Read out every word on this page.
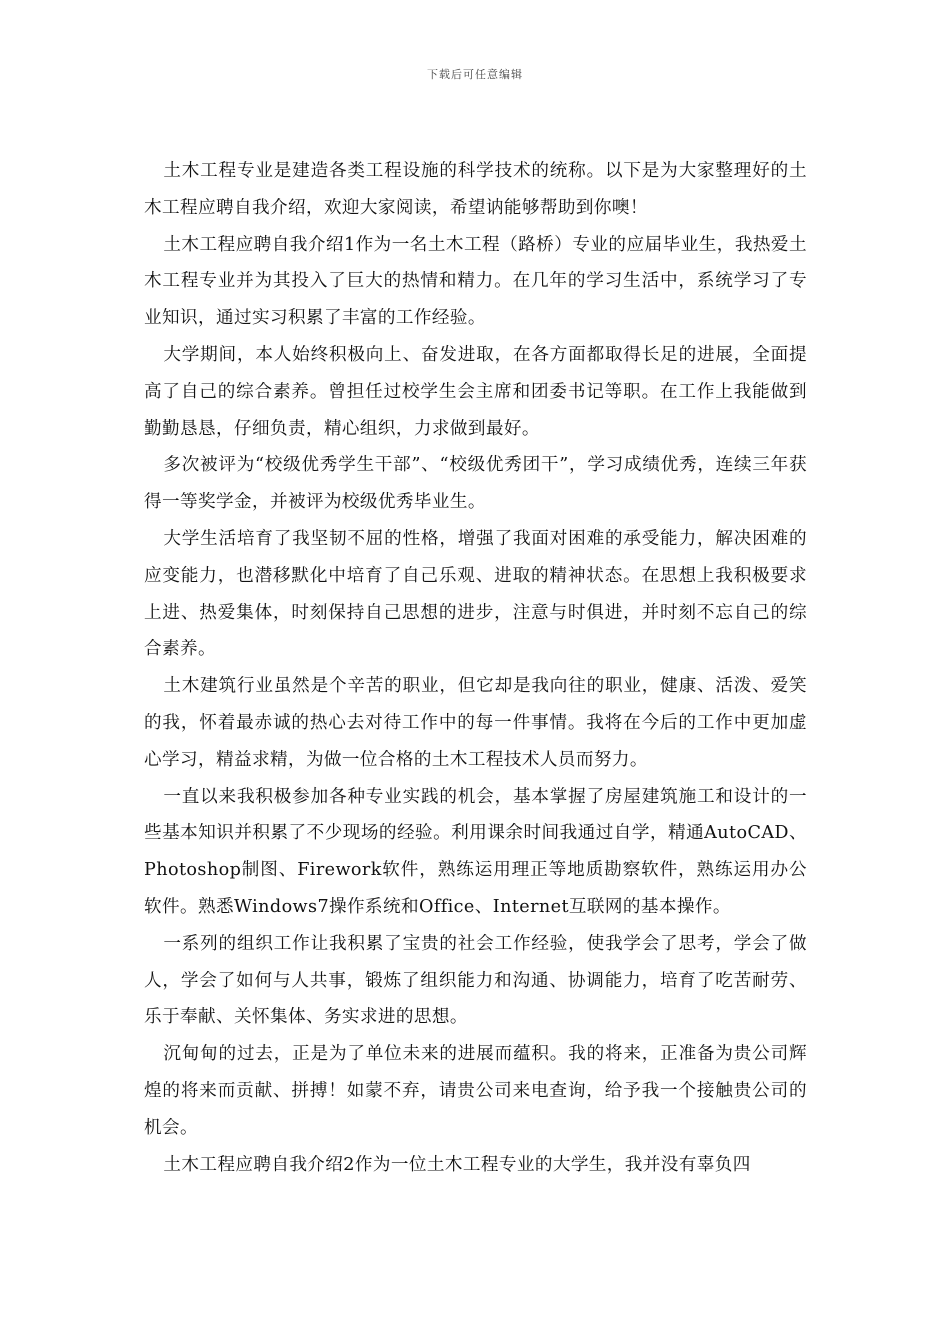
下载后可任意编辑

土木工程专业是建造各类工程设施的科学技术的统称。以下是为大家整理好的土木工程应聘自我介绍，欢迎大家阅读，希望讷能够帮助到你噢！

土木工程应聘自我介绍1作为一名土木工程（路桥）专业的应届毕业生，我热爱土木工程专业并为其投入了巨大的热情和精力。在几年的学习生活中，系统学习了专业知识，通过实习积累了丰富的工作经验。

大学期间，本人始终积极向上、奋发进取，在各方面都取得长足的进展，全面提高了自己的综合素养。曾担任过校学生会主席和团委书记等职。在工作上我能做到勤勤恳恳，仔细负责，精心组织，力求做到最好。

多次被评为“校级优秀学生干部”、“校级优秀团干”，学习成绩优秀，连续三年获得一等奖学金，并被评为校级优秀毕业生。

大学生活培育了我坚韧不屈的性格，增强了我面对困难的承受能力，解决困难的应变能力，也潜移默化中培育了自己乐观、进取的精神状态。在思想上我积极要求上进、热爱集体，时刻保持自己思想的进步，注意与时俱进，并时刻不忘自己的综合素养。

土木建筑行业虽然是个辛苦的职业，但它却是我向往的职业，健康、活泼、爱笑的我，怀着最赤诚的热心去对待工作中的每一件事情。我将在今后的工作中更加虚心学习，精益求精，为做一位合格的土木工程技术人员而努力。

一直以来我积极参加各种专业实践的机会，基本掌握了房屋建筑施工和设计的一些基本知识并积累了不少现场的经验。利用课余时间我通过自学，精通AutoCAD、Photoshop制图、Firework软件，熟练运用理正等地质勘察软件，熟练运用办公软件。熟悉Windows7操作系统和Office、Internet互联网的基本操作。

一系列的组织工作让我积累了宝贵的社会工作经验，使我学会了思考，学会了做人，学会了如何与人共事，锻炼了组织能力和沟通、协调能力，培育了吃苦耐劳、乐于奉献、关怀集体、务实求进的思想。

沉甸甸的过去，正是为了单位未来的进展而蕴积。我的将来，正准备为贵公司辉煌的将来而贡献、拼搏！如蒙不弃，请贵公司来电查询，给予我一个接触贵公司的机会。

土木工程应聘自我介绍2作为一位土木工程专业的大学生，我并没有辜负四
